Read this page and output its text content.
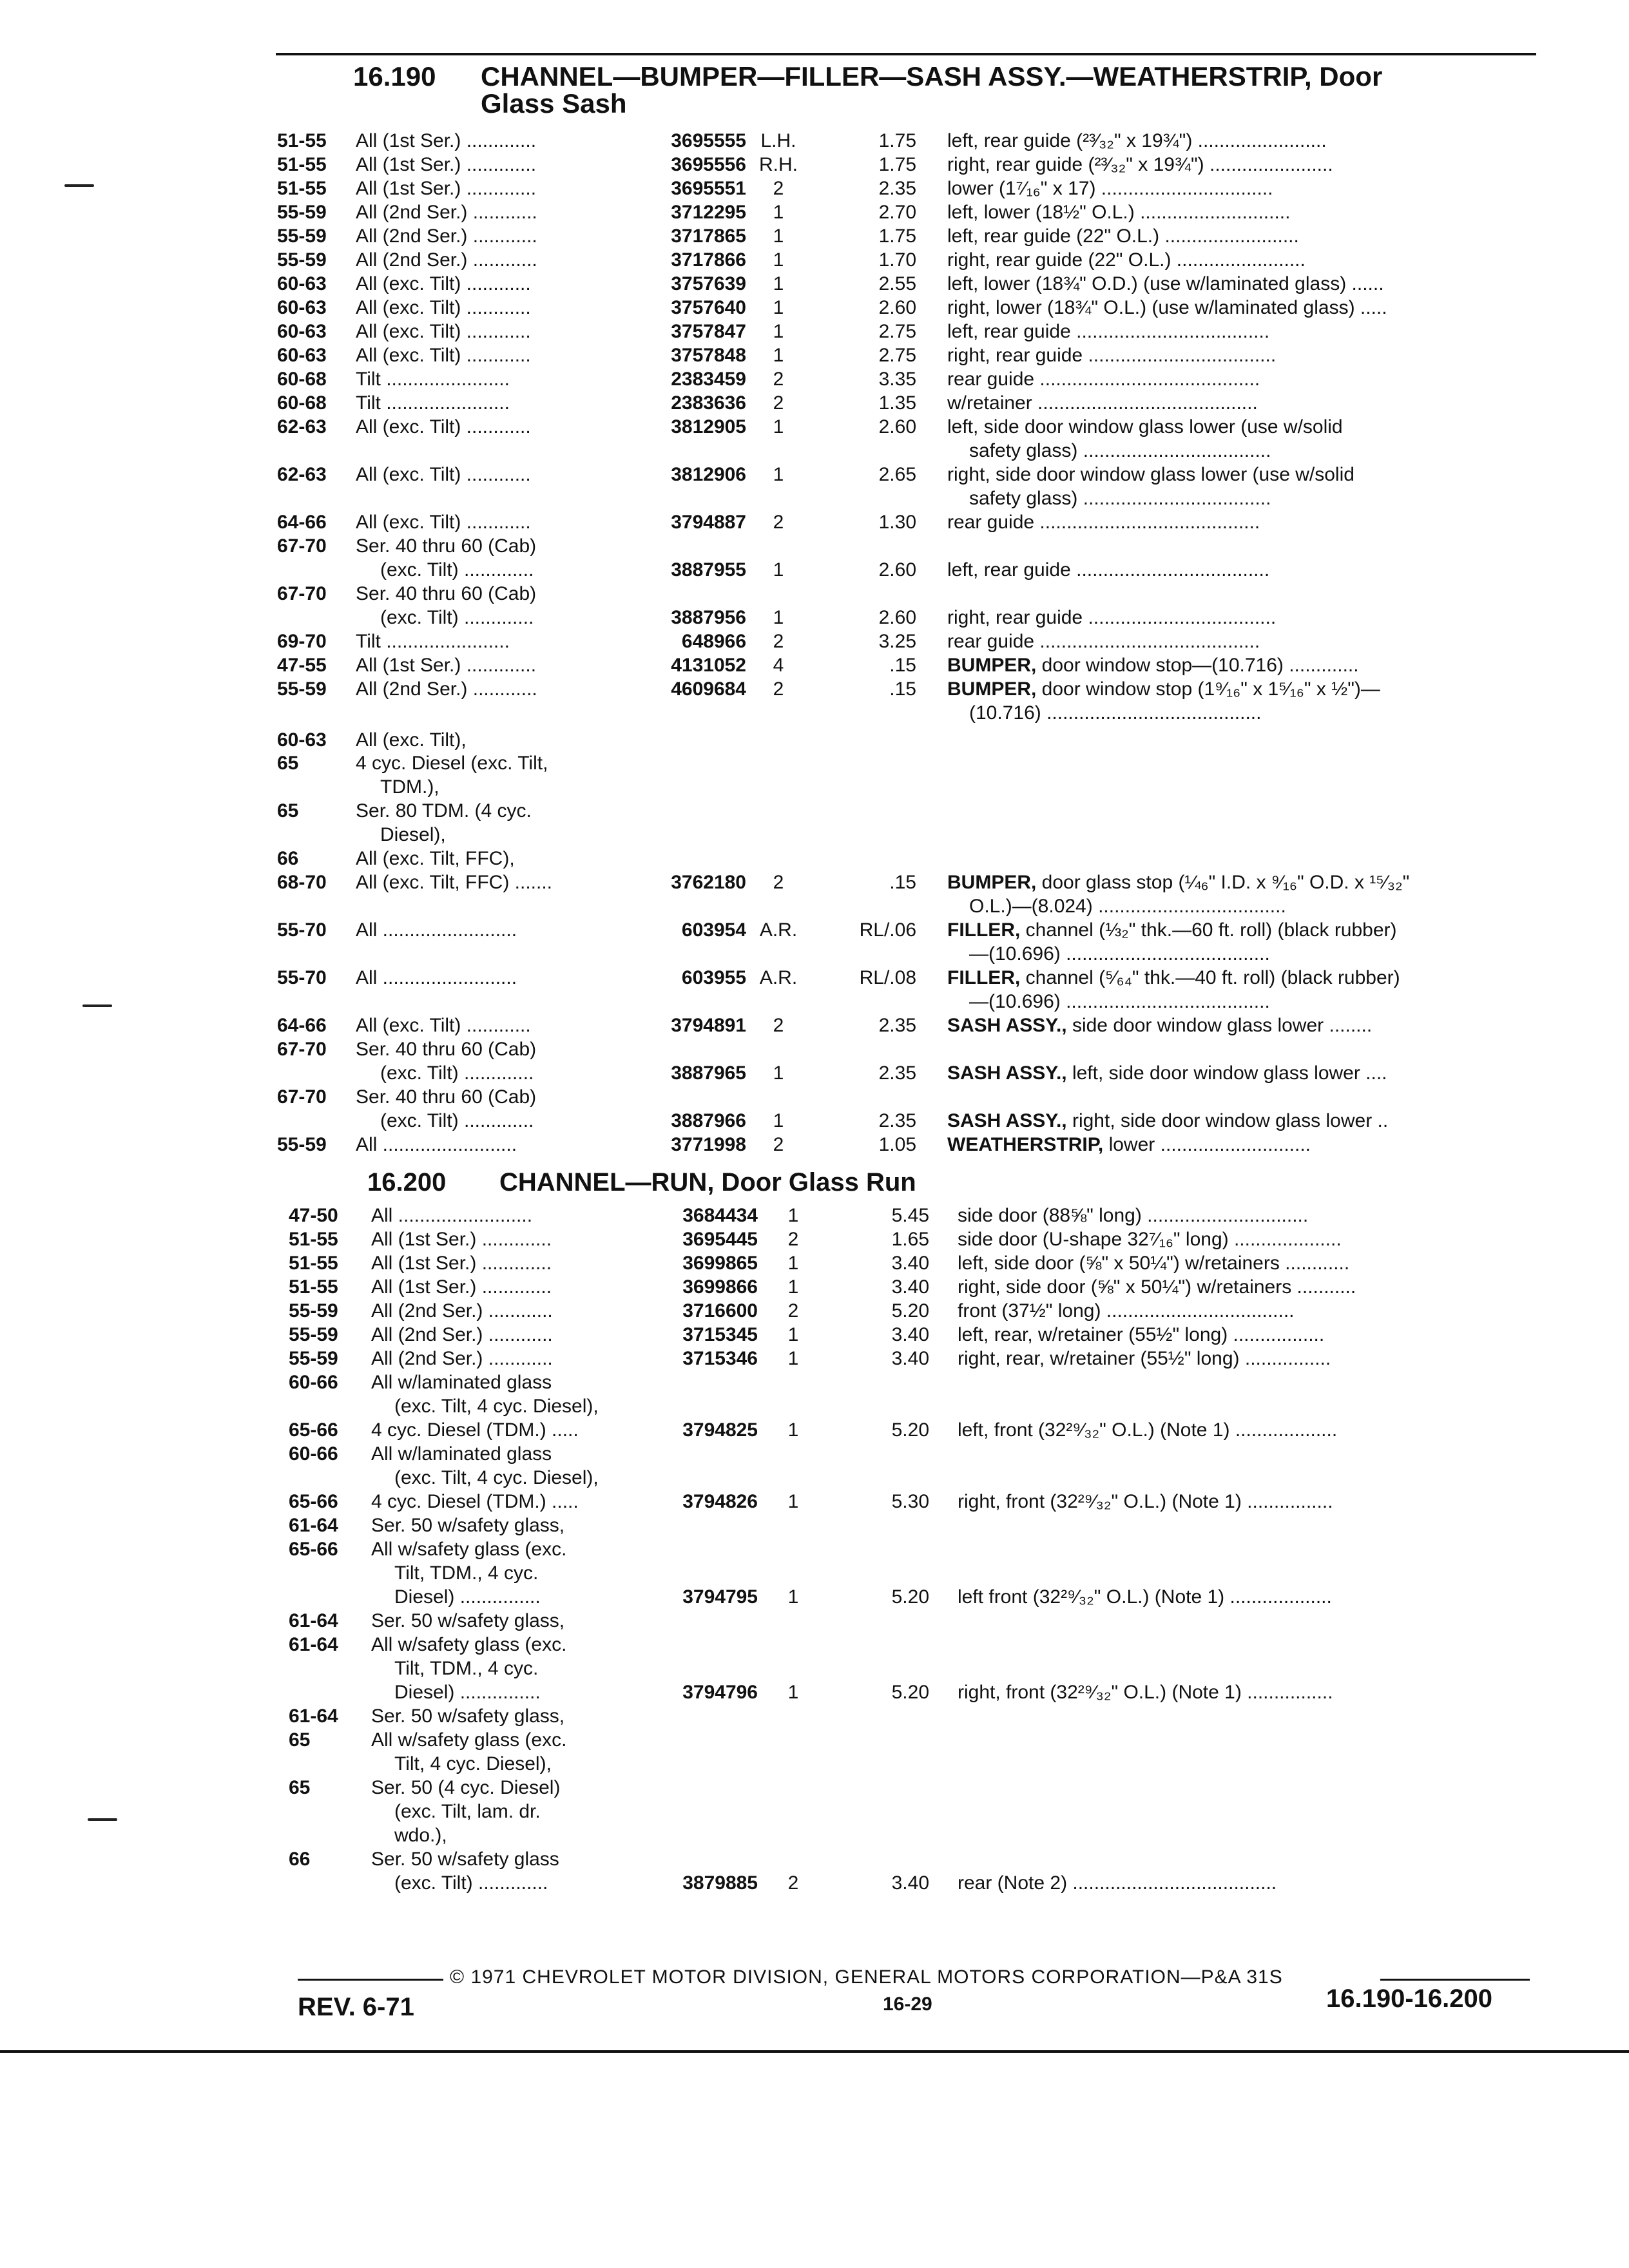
16.190 CHANNEL—BUMPER—FILLER—SASH ASSY.—WEATHERSTRIP, Door
Glass Sash
51-55 All (1st Ser.) .............	3695555 L.H.	1.75 left, rear guide (²³⁄₃₂" x 19¾") ........................
51-55 All (1st Ser.) .............	3695556 R.H.	1.75 right, rear guide (²³⁄₃₂" x 19¾") .......................
51-55 All (1st Ser.) .............	3695551	2	2.35 lower (1⁷⁄₁₆" x 17) ................................
55-59 All (2nd Ser.) ............	3712295	1	2.70 left, lower (18½" O.L.) ............................
55-59 All (2nd Ser.) ............	3717865	1	1.75 left, rear guide (22" O.L.) .........................
55-59 All (2nd Ser.) ............	3717866	1	1.70 right, rear guide (22" O.L.) ........................
60-63 All (exc. Tilt) ............	3757639	1	2.55 left, lower (18¾" O.D.) (use w/laminated glass) ......
60-63 All (exc. Tilt) ............	3757640	1	2.60 right, lower (18¾" O.L.) (use w/laminated glass) .....
60-63 All (exc. Tilt) ............	3757847	1	2.75 left, rear guide ....................................
60-63 All (exc. Tilt) ............	3757848	1	2.75 right, rear guide ...................................
60-68 Tilt .......................	2383459	2	3.35 rear guide .........................................
60-68 Tilt .......................	2383636	2	1.35 w/retainer .........................................
62-63 All (exc. Tilt) ............	3812905	1	2.60 left, side door window glass lower (use w/solid
safety glass) ...................................
62-63 All (exc. Tilt) ............	3812906	1	2.65 right, side door window glass lower (use w/solid
safety glass) ...................................
64-66 All (exc. Tilt) ............	3794887	2	1.30 rear guide .........................................
67-70 Ser. 40 thru 60 (Cab)
(exc. Tilt) .............	3887955	1	2.60 left, rear guide ....................................
67-70 Ser. 40 thru 60 (Cab)
(exc. Tilt) .............	3887956	1	2.60 right, rear guide ...................................
69-70 Tilt .......................	648966	2	3.25 rear guide .........................................
47-55 All (1st Ser.) .............	4131052	4	.15 BUMPER, door window stop—(10.716) .............
55-59 All (2nd Ser.) ............	4609684	2	.15 BUMPER, door window stop (1⁹⁄₁₆" x 1⁵⁄₁₆" x ½")—
(10.716) ........................................
60-63 All (exc. Tilt),
65	4 cyc. Diesel (exc. Tilt,
TDM.),
65	Ser. 80 TDM. (4 cyc.
Diesel),
66	All (exc. Tilt, FFC),
68-70 All (exc. Tilt, FFC) .......	3762180	2	.15 BUMPER, door glass stop (¼₆" I.D. x ⁹⁄₁₆" O.D. x ¹⁵⁄₃₂"
O.L.)—(8.024) ...................................
55-70 All .........................	603954 A.R.	RL/.06 FILLER, channel (⅓₂" thk.—60 ft. roll) (black rubber)
—(10.696) ......................................
55-70 All .........................	603955 A.R.	RL/.08 FILLER, channel (⁵⁄₆₄" thk.—40 ft. roll) (black rubber)
—(10.696) ......................................
64-66 All (exc. Tilt) ............	3794891	2	2.35 SASH ASSY., side door window glass lower ........
67-70 Ser. 40 thru 60 (Cab)
(exc. Tilt) .............	3887965	1	2.35 SASH ASSY., left, side door window glass lower ....
67-70 Ser. 40 thru 60 (Cab)
(exc. Tilt) .............	3887966	1	2.35 SASH ASSY., right, side door window glass lower ..
55-59 All .........................	3771998	2	1.05 WEATHERSTRIP, lower ............................
16.200 CHANNEL—RUN, Door Glass Run
47-50 All .........................	3684434	1	5.45 side door (88⅝" long) ..............................
51-55 All (1st Ser.) .............	3695445	2	1.65 side door (U-shape 32⁷⁄₁₆" long) ....................
51-55 All (1st Ser.) .............	3699865	1	3.40 left, side door (⅝" x 50¼") w/retainers ............
51-55 All (1st Ser.) .............	3699866	1	3.40 right, side door (⅝" x 50¼") w/retainers ...........
55-59 All (2nd Ser.) ............	3716600	2	5.20 front (37½" long) ...................................
55-59 All (2nd Ser.) ............	3715345	1	3.40 left, rear, w/retainer (55½" long) .................
55-59 All (2nd Ser.) ............	3715346	1	3.40 right, rear, w/retainer (55½" long) ................
60-66 All w/laminated glass
(exc. Tilt, 4 cyc. Diesel),
65-66 4 cyc. Diesel (TDM.) .....	3794825	1	5.20 left, front (32²⁹⁄₃₂" O.L.) (Note 1) ...................
60-66 All w/laminated glass
(exc. Tilt, 4 cyc. Diesel),
65-66 4 cyc. Diesel (TDM.) .....	3794826	1	5.30 right, front (32²⁹⁄₃₂" O.L.) (Note 1) ................
61-64 Ser. 50 w/safety glass,
65-66 All w/safety glass (exc.
Tilt, TDM., 4 cyc.
Diesel) ...............	3794795	1	5.20 left front (32²⁹⁄₃₂" O.L.) (Note 1) ...................
61-64 Ser. 50 w/safety glass,
61-64 All w/safety glass (exc.
Tilt, TDM., 4 cyc.
Diesel) ...............	3794796	1	5.20 right, front (32²⁹⁄₃₂" O.L.) (Note 1) ................
61-64 Ser. 50 w/safety glass,
65	All w/safety glass (exc.
Tilt, 4 cyc. Diesel),
65	Ser. 50 (4 cyc. Diesel)
(exc. Tilt, lam. dr.
wdo.),
66	Ser. 50 w/safety glass
(exc. Tilt) .............	3879885	2	3.40 rear (Note 2) ......................................
© 1971 CHEVROLET MOTOR DIVISION, GENERAL MOTORS CORPORATION—P&A 31S
REV. 6-71	16-29	16.190-16.200
